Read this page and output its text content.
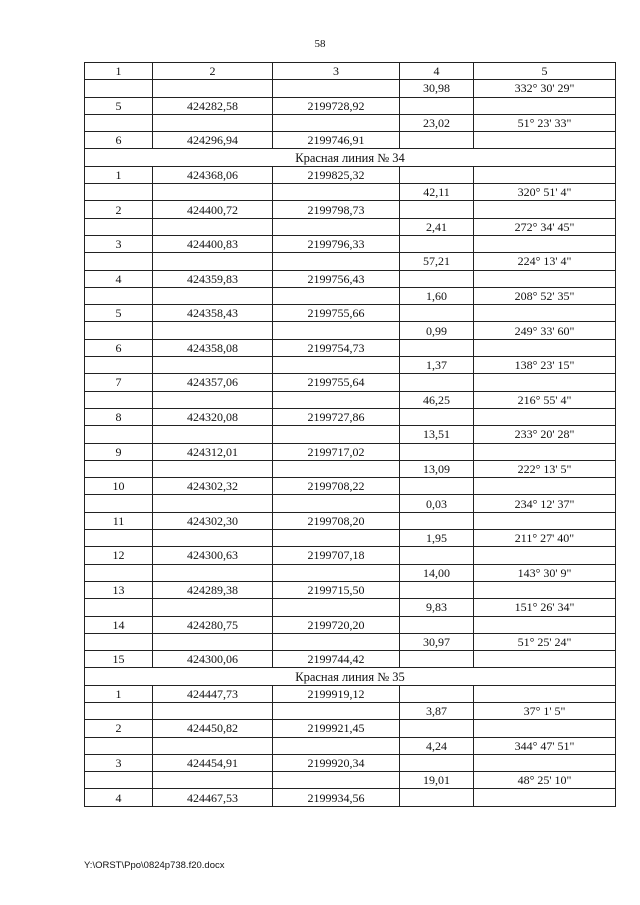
58
1	2	3	4	5
			30,98	332° 30' 29"
5	424282,58	2199728,92		
			23,02	51° 23' 33"
6	424296,94	2199746,91		
Красная линия № 34				
1	424368,06	2199825,32		
			42,11	320° 51' 4"
2	424400,72	2199798,73		
			2,41	272° 34' 45"
3	424400,83	2199796,33		
			57,21	224° 13' 4"
4	424359,83	2199756,43		
			1,60	208° 52' 35"
5	424358,43	2199755,66		
			0,99	249° 33' 60"
6	424358,08	2199754,73		
			1,37	138° 23' 15"
7	424357,06	2199755,64		
			46,25	216° 55' 4"
8	424320,08	2199727,86		
			13,51	233° 20' 28"
9	424312,01	2199717,02		
			13,09	222° 13' 5"
10	424302,32	2199708,22		
			0,03	234° 12' 37"
11	424302,30	2199708,20		
			1,95	211° 27' 40"
12	424300,63	2199707,18		
			14,00	143° 30' 9"
13	424289,38	2199715,50		
			9,83	151° 26' 34"
14	424280,75	2199720,20		
			30,97	51° 25' 24"
15	424300,06	2199744,42		
Красная линия № 35				
1	424447,73	2199919,12		
			3,87	37° 1' 5"
2	424450,82	2199921,45		
			4,24	344° 47' 51"
3	424454,91	2199920,34		
			19,01	48° 25' 10"
4	424467,53	2199934,56		
Y:\ORST\Ppo\0824p738.f20.docx
